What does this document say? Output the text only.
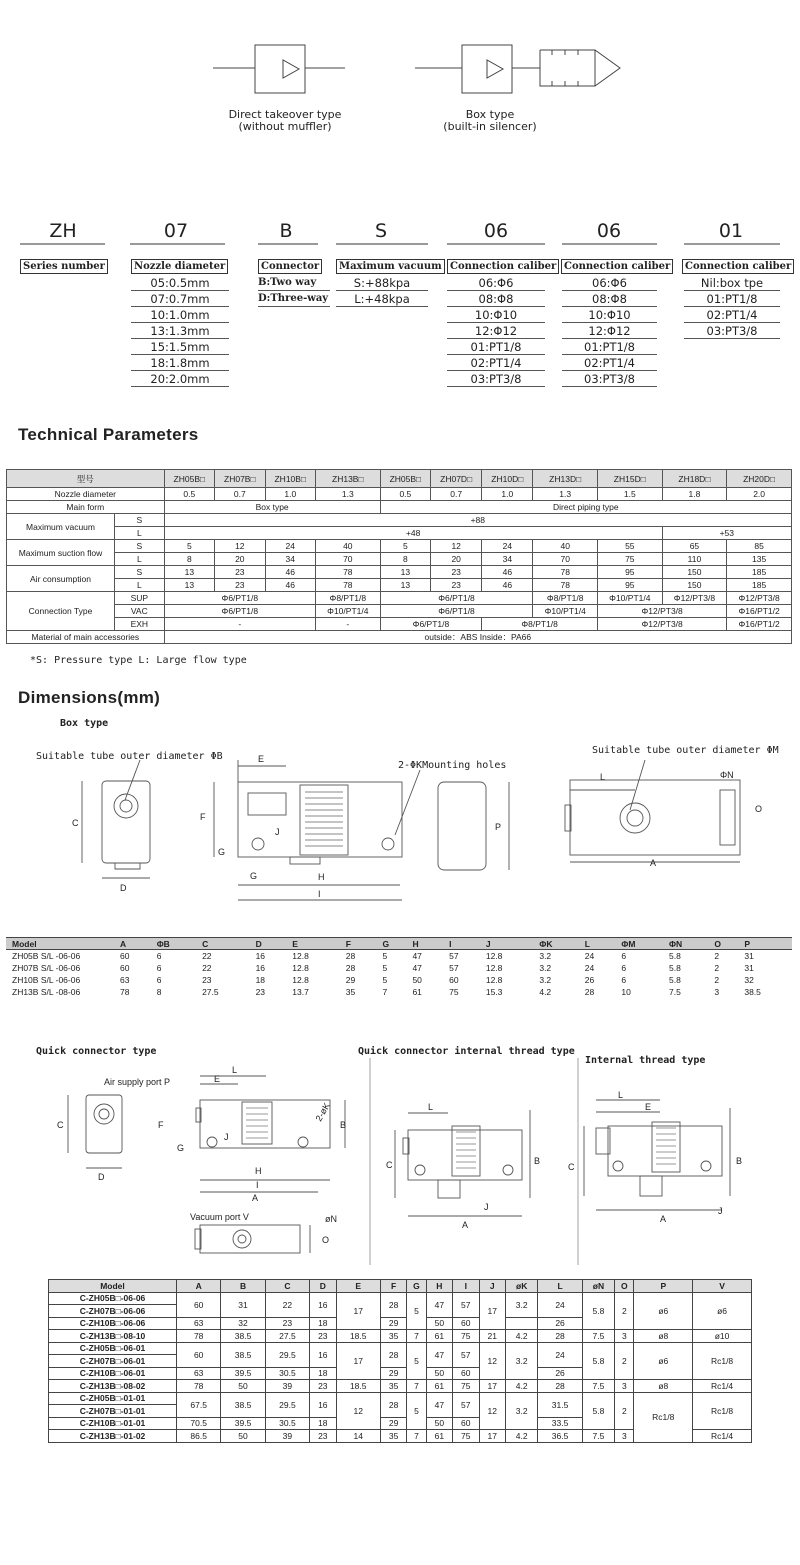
Direct takeover type
(without muffler)
Box type
(built-in silencer)
ZH
Series number
07
Nozzle diameter
05:0.5mm
07:0.7mm
10:1.0mm
13:1.3mm
15:1.5mm
18:1.8mm
20:2.0mm
B
Connector
B:Two way
D:Three-way
S
Maximum vacuum
S:+88kpa
L:+48kpa
06
Connection caliber
06:Φ6
08:Φ8
10:Φ10
12:Φ12
01:PT1/8
02:PT1/4
03:PT3/8
06
Connection caliber
06:Φ6
08:Φ8
10:Φ10
12:Φ12
01:PT1/8
02:PT1/4
03:PT3/8
01
Connection caliber
Nil:box tpe
01:PT1/8
02:PT1/4
03:PT3/8
Technical Parameters
型号		ZH05B□	ZH07B□	ZH10B□	ZH13B□	ZH05B□	ZH07D□	ZH10D□	ZH13D□	ZH15D□	ZH18D□	ZH20D□
Nozzle diameter		0.5	0.7	1.0	1.3	0.5	0.7	1.0	1.3	1.5	1.8	2.0
Main form		Box type				Direct piping type						
Maximum vacuum	S	+88										
	L	+48									+53	
Maximum suction flow	S	5	12	24	40	5	12	24	40	55	65	85
	L	8	20	34	70	8	20	34	70	75	110	135
Air consumption	S	13	23	46	78	13	23	46	78	95	150	185
	L	13	23	46	78	13	23	46	78	95	150	185
Connection Type	SUP	Φ6/PT1/8			Φ8/PT1/8	Φ6/PT1/8			Φ8/PT1/8	Φ10/PT1/4	Φ12/PT3/8	Φ12/PT3/8
	VAC	Φ6/PT1/8			Φ10/PT1/4	Φ6/PT1/8			Φ10/PT1/4	Φ12/PT3/8		Φ16/PT1/2
	EXH	-			-	Φ6/PT1/8		Φ8/PT1/8		Φ12/PT3/8		Φ16/PT1/2
Material of main accessories		outside：ABS Inside：PA66										
*S: Pressure type L: Large flow type
Dimensions(mm)
Box type
Suitable tube outer diameter ΦB
2-ΦKMounting holes
Suitable tube outer diameter ΦM
E
F
G
J
G	H
I
C
D
P
L
A
ΦN
O
Model	A	ΦB	C	D	E	F	G	H	I	J	ΦK	L	ΦM	ΦN	O	P
ZH05B S/L -06-06	60	6	22	16	12.8	28	5	47	57	12.8	3.2	24	6	5.8	2	31
ZH07B S/L -06-06	60	6	22	16	12.8	28	5	47	57	12.8	3.2	24	6	5.8	2	31
ZH10B S/L -06-06	63	6	23	18	12.8	29	5	50	60	12.8	3.2	26	6	5.8	2	32
ZH13B S/L -08-06	78	8	27.5	23	13.7	35	7	61	75	15.3	4.2	28	10	7.5	3	38.5
Quick connector type	Quick connector internal thread type
Internal thread type
Air supply port P
Vacuum port V
2-øK
C
D
L
E
F
G
J
H
I
A
B
øN
O
L
C	B
J
A
L
E
C
B
J
A
Model	A	B	C	D	E	F	G	H	I	J	øK	L	øN	O	P	V
C-ZH05B□-06-06	60	31	22	16	17	28	5	47	57	17	3.2	24	5.8	2	ø6	ø6
C-ZH07B□-06-06																
C-ZH10B□-06-06	63	32	23	18		29		50	60			26				
C-ZH13B□-08-10	78	38.5	27.5	23	18.5	35	7	61	75	21	4.2	28	7.5	3	ø8	ø10
C-ZH05B□-06-01	60	38.5	29.5	16	17	28	5	47	57	12	3.2	24	5.8	2	ø6	Rc1/8
C-ZH07B□-06-01																
C-ZH10B□-06-01	63	39.5	30.5	18		29		50	60			26				
C-ZH13B□-08-02	78	50	39	23	18.5	35	7	61	75	17	4.2	28	7.5	3	ø8	Rc1/4
C-ZH05B□-01-01	67.5	38.5	29.5	16	12	28	5	47	57	12	3.2	31.5	5.8	2	Rc1/8	Rc1/8
C-ZH07B□-01-01																
C-ZH10B□-01-01	70.5	39.5	30.5	18		29		50	60			33.5				
C-ZH13B□-01-02	86.5	50	39	23	14	35	7	61	75	17	4.2	36.5	7.5	3		Rc1/4
